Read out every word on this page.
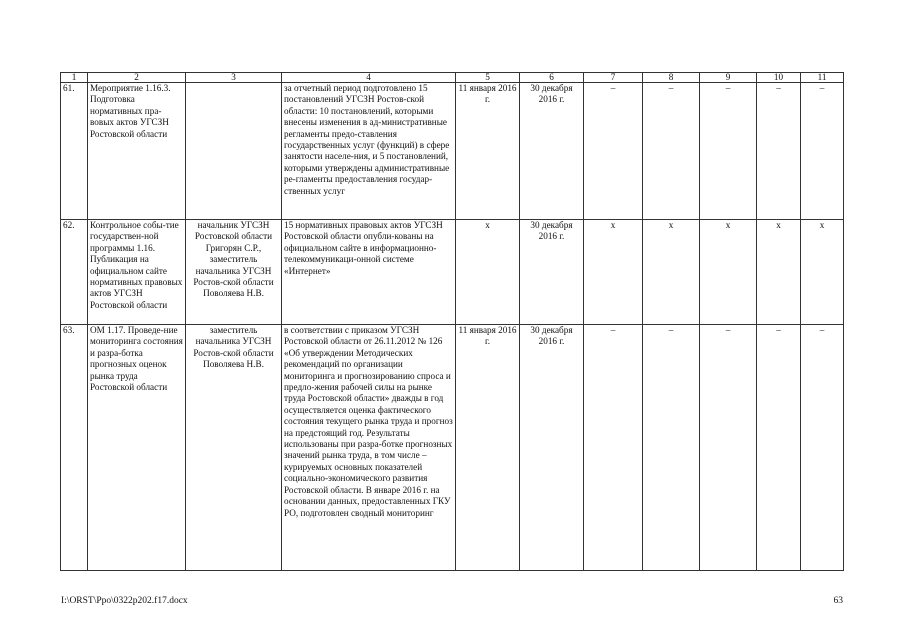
1	2	3	4	5	6	7	8	9	10	11
61.	Мероприятие 1.16.3. Подготовка нормативных пра-вовых актов УГСЗН Ростовской области		за отчетный период подготовлено 15 постановлений УГСЗН Ростов-ской области: 10 постановлений, которыми внесены изменения в ад-министративные регламенты предо-ставления государственных услуг (функций) в сфере занятости населе-ния, и 5 постановлений, которыми утверждены административные ре-гламенты предоставления государ-ственных услуг	11 января 2016 г.	30 декабря 2016 г.	–	–	–	–	–
62.	Контрольное собы-тие государствен-ной программы 1.16. Публикация на официальном сайте нормативных правовых актов УГСЗН Ростовской области	начальник УГСЗН Ростовской области Григорян С.Р., заместитель начальника УГСЗН Ростов-ской области Поволяева Н.В.	15 нормативных правовых актов УГСЗН Ростовской области опубли-кованы на официальном сайте в информационно-телекоммуникаци-онной системе «Интернет»	x	30 декабря 2016 г.	x	x	x	x	x
63.	ОМ 1.17. Проведе-ние мониторинга состояния и разра-ботка прогнозных оценок рынка труда Ростовской области	заместитель начальника УГСЗН Ростов-ской области Поволяева Н.В.	в соответствии с приказом УГСЗН Ростовской области от 26.11.2012 № 126 «Об утверждении Методических рекомендаций по организации мониторинга и прогнозированию спроса и предло-жения рабочей силы на рынке труда Ростовской области» дважды в год осуществляется оценка фактического состояния текущего рынка труда и прогноз на предстоящий год. Результаты использованы при разра-ботке прогнозных значений рынка труда, в том числе – курируемых основных показателей социально-экономического развития Ростовской области. В январе 2016 г. на основании данных, предоставленных ГКУ РО, подготовлен сводный мониторинг	11 января 2016 г.	30 декабря 2016 г.	–	–	–	–	–
I:\ORST\Ppo\0322p202.f17.docx	63
